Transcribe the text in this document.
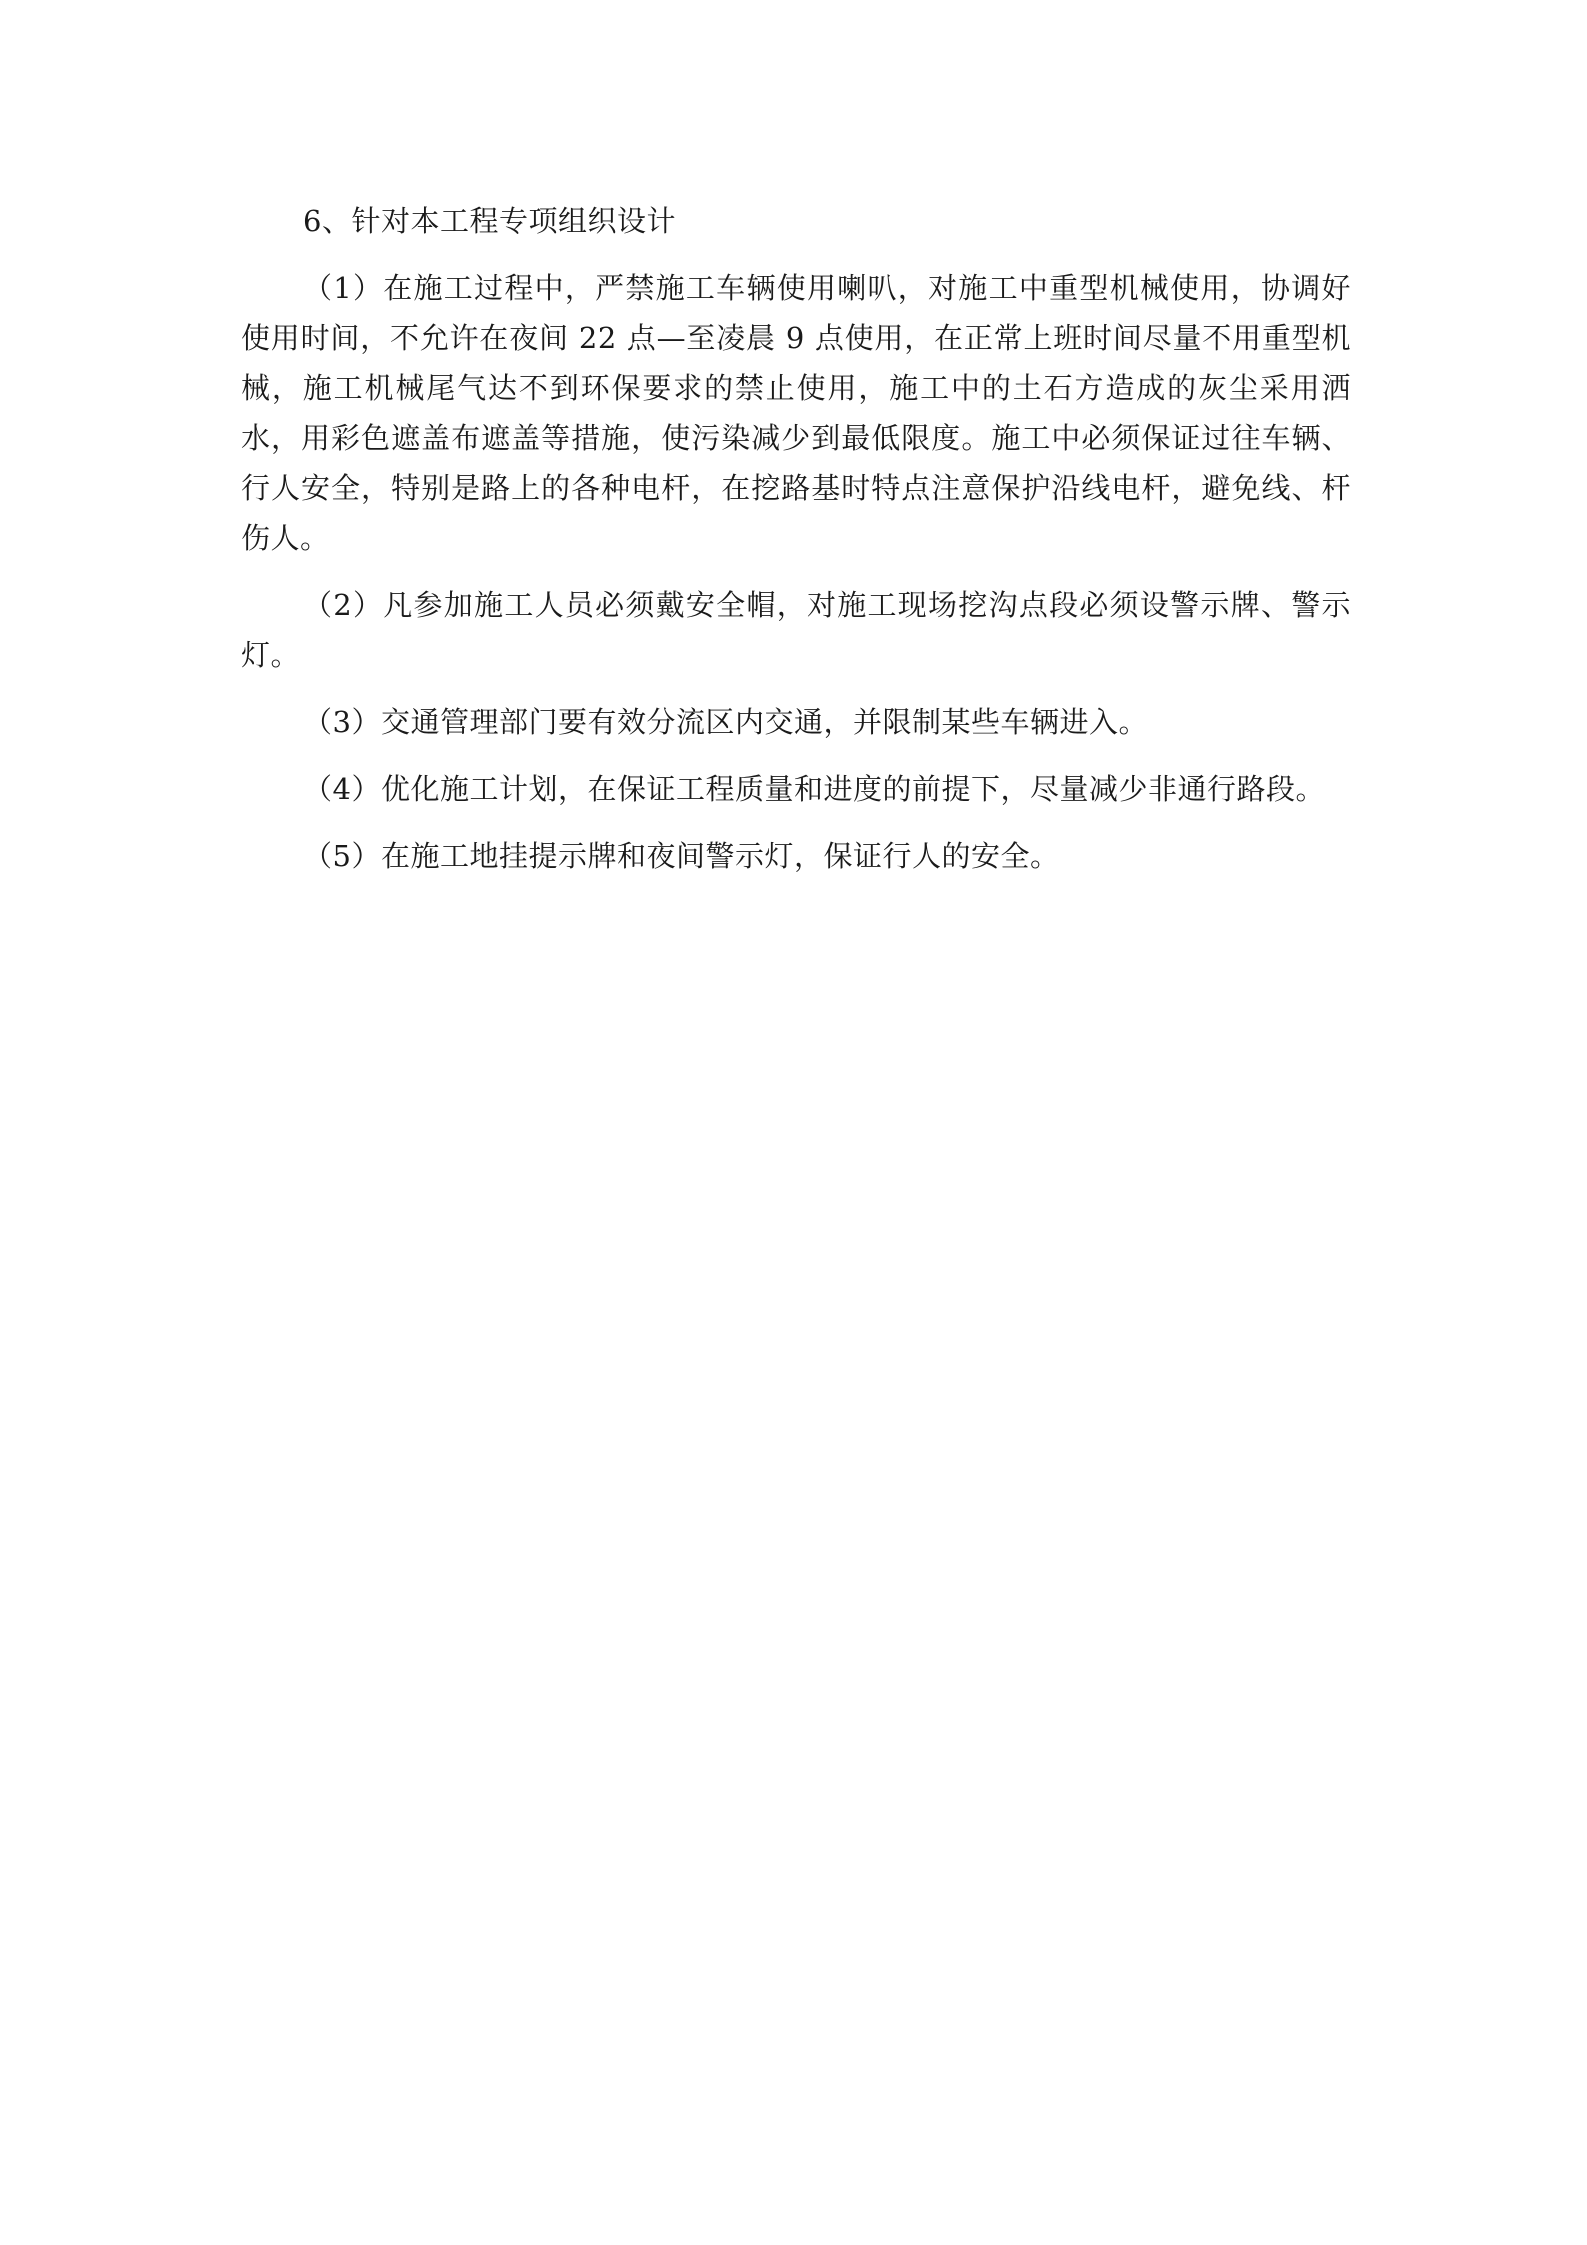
6、针对本工程专项组织设计

（1）在施工过程中，严禁施工车辆使用喇叭，对施工中重型机械使用，协调好使用时间，不允许在夜间 22 点—至凌晨 9 点使用，在正常上班时间尽量不用重型机械，施工机械尾气达不到环保要求的禁止使用，施工中的土石方造成的灰尘采用洒水，用彩色遮盖布遮盖等措施，使污染减少到最低限度。施工中必须保证过往车辆、行人安全，特别是路上的各种电杆，在挖路基时特点注意保护沿线电杆，避免线、杆伤人。

（2）凡参加施工人员必须戴安全帽，对施工现场挖沟点段必须设警示牌、警示灯。

（3）交通管理部门要有效分流区内交通，并限制某些车辆进入。

（4）优化施工计划，在保证工程质量和进度的前提下，尽量减少非通行路段。

（5）在施工地挂提示牌和夜间警示灯，保证行人的安全。
